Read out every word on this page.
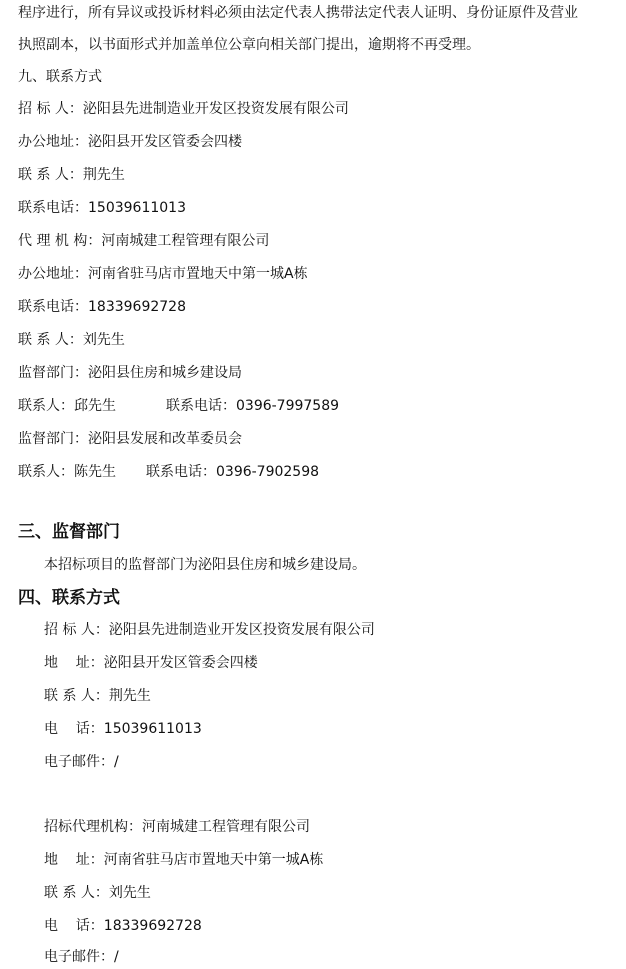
程序进行，所有异议或投诉材料必须由法定代表人携带法定代表人证明、身份证原件及营业
执照副本，以书面形式并加盖单位公章向相关部门提出，逾期将不再受理。
九、联系方式
招 标 人：泌阳县先进制造业开发区投资发展有限公司
办公地址：泌阳县开发区管委会四楼
联 系 人：荆先生
联系电话：15039611013
代 理 机 构：河南城建工程管理有限公司
办公地址：河南省驻马店市置地天中第一城A栋
联系电话：18339692728
联 系 人：刘先生
监督部门：泌阳县住房和城乡建设局
联系人：邱先生	联系电话：0396-7997589
监督部门：泌阳县发展和改革委员会
联系人：陈先生 联系电话：0396-7902598
三、监督部门
本招标项目的监督部门为泌阳县住房和城乡建设局。
四、联系方式
招 标 人：泌阳县先进制造业开发区投资发展有限公司
地    址：泌阳县开发区管委会四楼
联 系 人：荆先生
电    话：15039611013
电子邮件：/
招标代理机构：河南城建工程管理有限公司
地    址：河南省驻马店市置地天中第一城A栋
联 系 人：刘先生
电    话：18339692728
电子邮件：/
